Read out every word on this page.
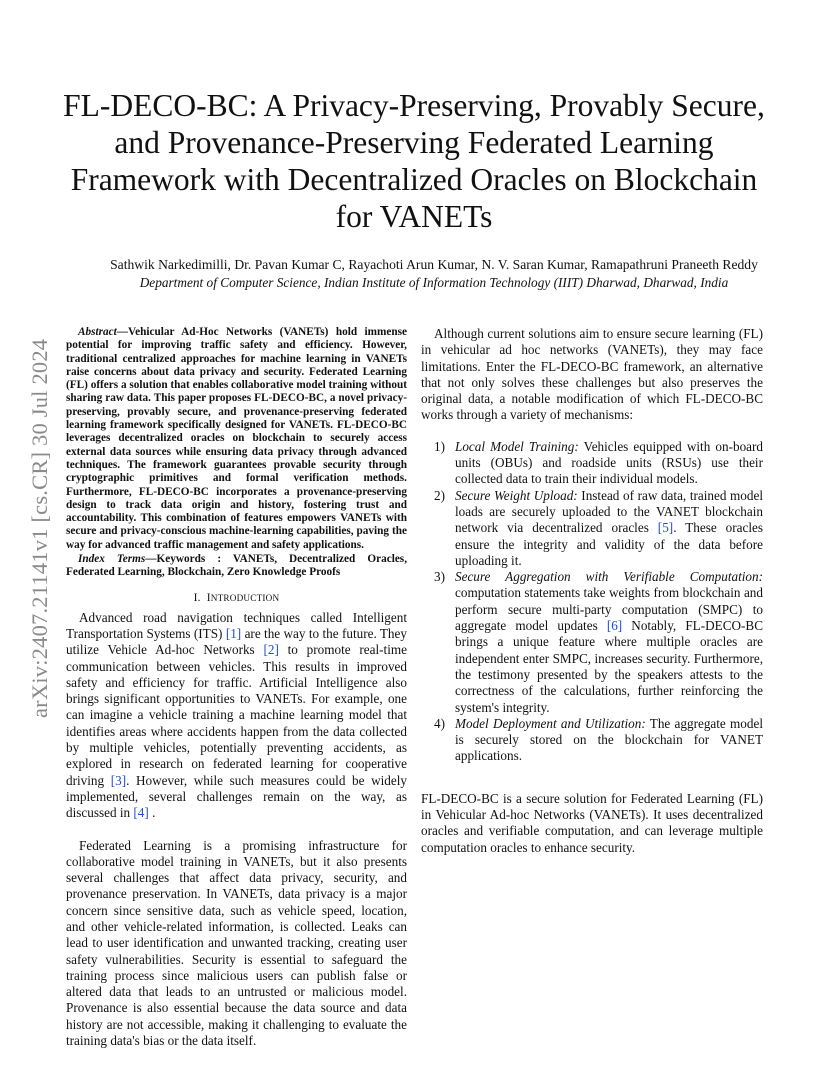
arXiv:2407.21141v1 [cs.CR] 30 Jul 2024
FL-DECO-BC: A Privacy-Preserving, Provably Secure, and Provenance-Preserving Federated Learning Framework with Decentralized Oracles on Blockchain for VANETs
Sathwik Narkedimilli, Dr. Pavan Kumar C, Rayachoti Arun Kumar, N. V. Saran Kumar, Ramapathruni Praneeth Reddy
Department of Computer Science, Indian Institute of Information Technology (IIIT) Dharwad, Dharwad, India

Abstract—Vehicular Ad-Hoc Networks (VANETs) hold immense potential for improving traffic safety and efficiency. However, traditional centralized approaches for machine learning in VANETs raise concerns about data privacy and security. Federated Learning (FL) offers a solution that enables collaborative model training without sharing raw data. This paper proposes FL-DECO-BC, a novel privacy-preserving, provably secure, and provenance-preserving federated learning framework specifically designed for VANETs. FL-DECO-BC leverages decentralized oracles on blockchain to securely access external data sources while ensuring data privacy through advanced techniques. The framework guarantees provable security through cryptographic primitives and formal verification methods. Furthermore, FL-DECO-BC incorporates a provenance-preserving design to track data origin and history, fostering trust and accountability. This combination of features empowers VANETs with secure and privacy-conscious machine-learning capabilities, paving the way for advanced traffic management and safety applications.

Index Terms—Keywords : VANETs, Decentralized Oracles, Federated Learning, Blockchain, Zero Knowledge Proofs

I. INTRODUCTION

Advanced road navigation techniques called Intelligent Transportation Systems (ITS) [1] are the way to the future. They utilize Vehicle Ad-hoc Networks [2] to promote real-time communication between vehicles. This results in improved safety and efficiency for traffic. Artificial Intelligence also brings significant opportunities to VANETs. For example, one can imagine a vehicle training a machine learning model that identifies areas where accidents happen from the data collected by multiple vehicles, potentially preventing accidents, as explored in research on federated learning for cooperative driving [3]. However, while such measures could be widely implemented, several challenges remain on the way, as discussed in [4] .

Federated Learning is a promising infrastructure for collaborative model training in VANETs, but it also presents several challenges that affect data privacy, security, and provenance preservation. In VANETs, data privacy is a major concern since sensitive data, such as vehicle speed, location, and other vehicle-related information, is collected. Leaks can lead to user identification and unwanted tracking, creating user safety vulnerabilities. Security is essential to safeguard the training process since malicious users can publish false or altered data that leads to an untrusted or malicious model. Provenance is also essential because the data source and data history are not accessible, making it challenging to evaluate the training data's bias or the data itself.

Although current solutions aim to ensure secure learning (FL) in vehicular ad hoc networks (VANETs), they may face limitations. Enter the FL-DECO-BC framework, an alternative that not only solves these challenges but also preserves the original data, a notable modification of which FL-DECO-BC works through a variety of mechanisms:

1) Local Model Training: Vehicles equipped with on-board units (OBUs) and roadside units (RSUs) use their collected data to train their individual models.
2) Secure Weight Upload: Instead of raw data, trained model loads are securely uploaded to the VANET blockchain network via decentralized oracles [5]. These oracles ensure the integrity and validity of the data before uploading it.
3) Secure Aggregation with Verifiable Computation: computation statements take weights from blockchain and perform secure multi-party computation (SMPC) to aggregate model updates [6] Notably, FL-DECO-BC brings a unique feature where multiple oracles are independent enter SMPC, increases security. Furthermore, the testimony presented by the speakers attests to the correctness of the calculations, further reinforcing the system's integrity.
4) Model Deployment and Utilization: The aggregate model is securely stored on the blockchain for VANET applications.

FL-DECO-BC is a secure solution for Federated Learning (FL) in Vehicular Ad-hoc Networks (VANETs). It uses decentralized oracles and verifiable computation, and can leverage multiple computation oracles to enhance security.
